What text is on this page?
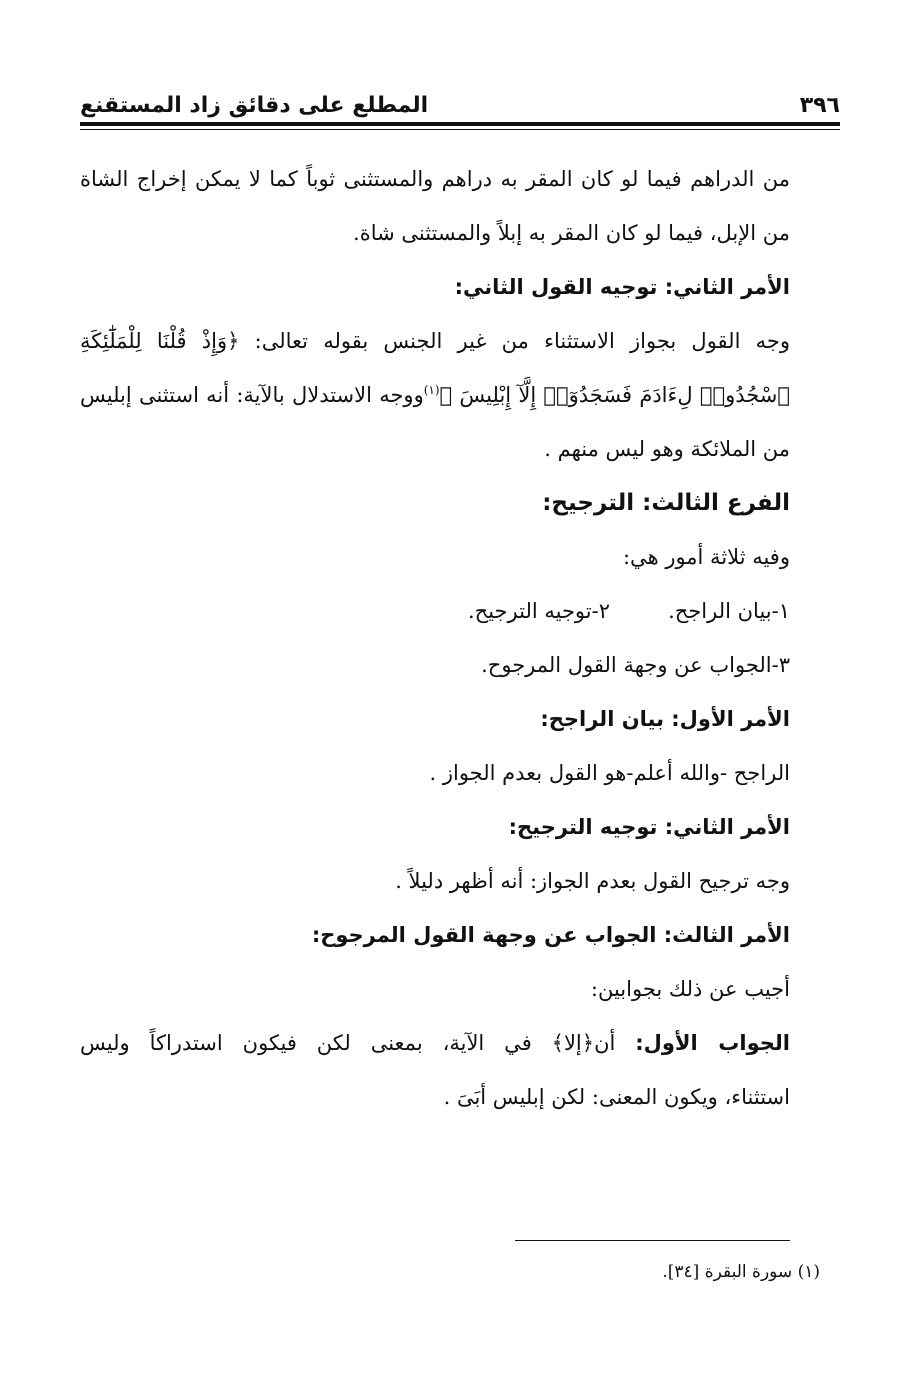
٣٩٦
المطلع على دقائق زاد المستقنع
من الدراهم فيما لو كان المقر به دراهم والمستثنى ثوباً كما لا يمكن إخراج الشاة
من الإبل، فيما لو كان المقر به إبلاً والمستثنى شاة.
الأمر الثاني: توجيه القول الثاني:
وجه القول بجواز الاستثناء من غير الجنس بقوله تعالى: ﴿وَإِذْ قُلْنَا لِلْمَلَٰٓئِكَةِ
ٱسْجُدُوا۟ لِءَادَمَ فَسَجَدُوٓا۟ إِلَّآ إِبْلِيسَ ﴾$^{(١)}$ووجه الاستدلال بالآية: أنه استثنى إبليس
من الملائكة وهو ليس منهم .
الفرع الثالث: الترجيح:
وفيه ثلاثة أمور هي:
١-بيان الراجح.
٢-توجيه الترجيح.
٣-الجواب عن وجهة القول المرجوح.
الأمر الأول: بيان الراجح:
الراجح -والله أعلم-هو القول بعدم الجواز .
الأمر الثاني: توجيه الترجيح:
وجه ترجيح القول بعدم الجواز: أنه أظهر دليلاً .
الأمر الثالث: الجواب عن وجهة القول المرجوح:
أجيب عن ذلك بجوابين:
الجواب الأول: أن﴿إلا﴾ في الآية، بمعنى لكن فيكون استدراكاً وليس
استثناء، ويكون المعنى: لكن إبليس أبَىَ .
(١) سورة البقرة [٣٤].
